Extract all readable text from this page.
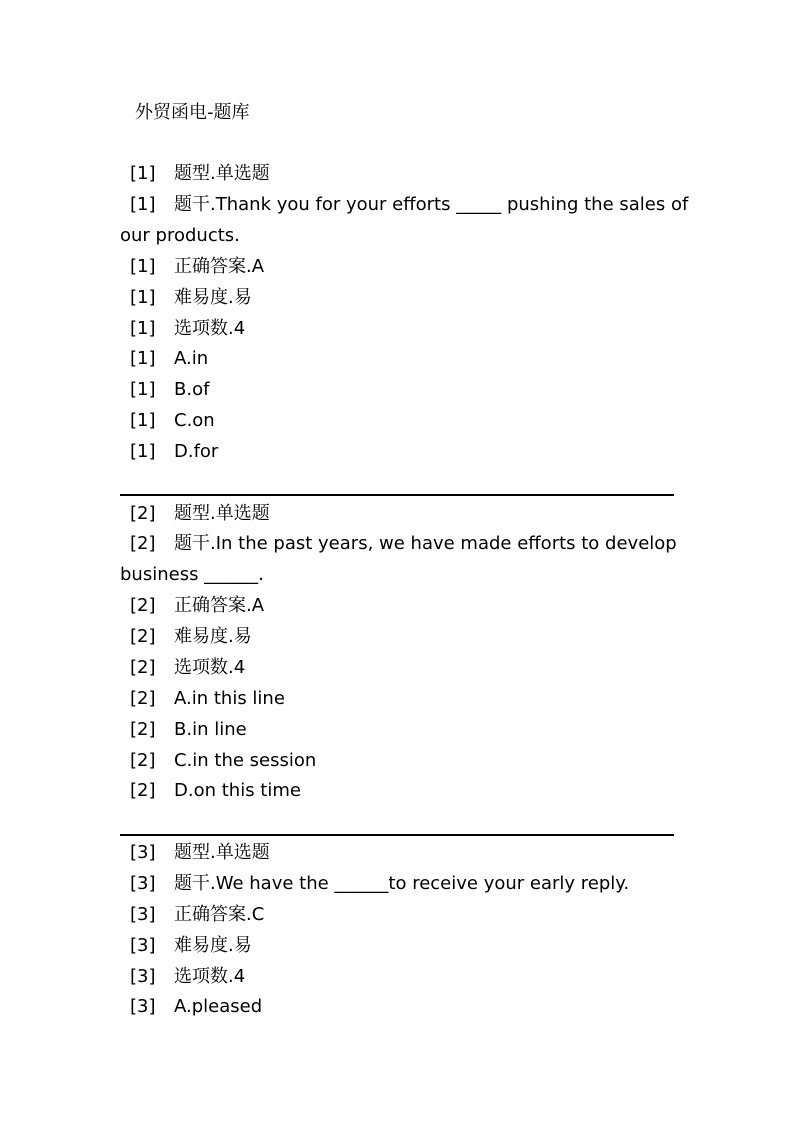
外贸函电-题库
[1] 题型.单选题
[1] 题干.Thank you for your efforts _____ pushing the sales of
our products.
[1] 正确答案.A
[1] 难易度.易
[1] 选项数.4
[1] A.in
[1] B.of
[1] C.on
[1] D.for
[2] 题型.单选题
[2] 题干.In the past years, we have made efforts to develop
business ______.
[2] 正确答案.A
[2] 难易度.易
[2] 选项数.4
[2] A.in this line
[2] B.in line
[2] C.in the session
[2] D.on this time
[3] 题型.单选题
[3] 题干.We have the ______to receive your early reply.
[3] 正确答案.C
[3] 难易度.易
[3] 选项数.4
[3] A.pleased
